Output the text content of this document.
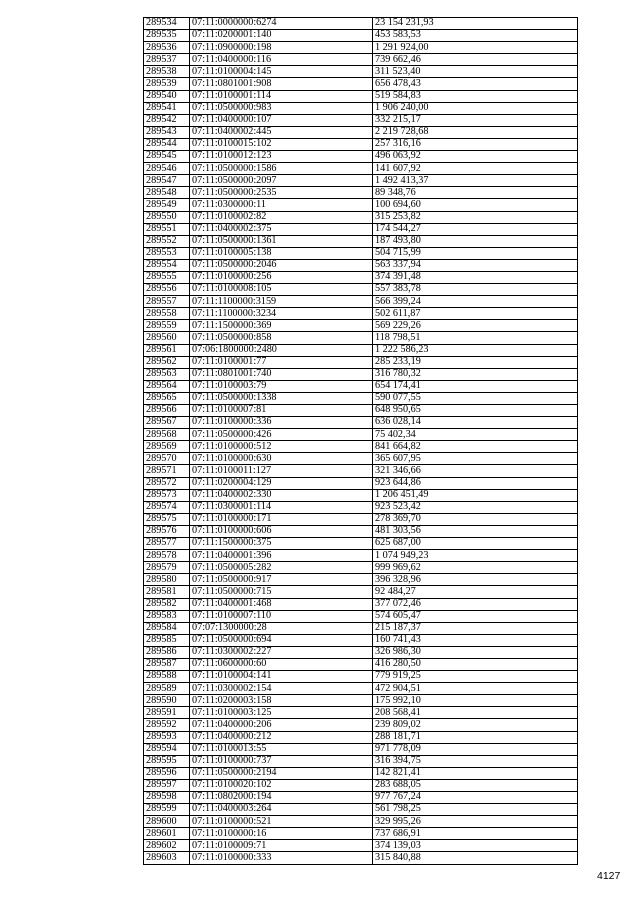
289534	07:11:0000000:6274	23 154 231,93
289535	07:11:0200001:140	453 583,53
289536	07:11:0900000:198	1 291 924,00
289537	07:11:0400000:116	739 662,46
289538	07:11:0100004:145	311 523,40
289539	07:11:0801001:908	656 478,43
289540	07:11:0100001:114	519 584,83
289541	07:11:0500000:983	1 906 240,00
289542	07:11:0400000:107	332 215,17
289543	07:11:0400002:445	2 219 728,68
289544	07:11:0100015:102	257 316,16
289545	07:11:0100012:123	496 063,92
289546	07:11:0500000:1586	141 607,92
289547	07:11:0500000:2097	1 492 413,37
289548	07:11:0500000:2535	89 348,76
289549	07:11:0300000:11	100 694,60
289550	07:11:0100002:82	315 253,82
289551	07:11:0400002:375	174 544,27
289552	07:11:0500000:1361	187 493,80
289553	07:11:0100005:138	504 715,99
289554	07:11:0500000:2046	563 337,94
289555	07:11:0100000:256	374 391,48
289556	07:11:0100008:105	557 383,78
289557	07:11:1100000:3159	566 399,24
289558	07:11:1100000:3234	502 611,87
289559	07:11:1500000:369	569 229,26
289560	07:11:0500000:858	118 798,51
289561	07:06:1800000:2480	1 222 586,23
289562	07:11:0100001:77	285 233,19
289563	07:11:0801001:740	316 780,32
289564	07:11:0100003:79	654 174,41
289565	07:11:0500000:1338	590 077,55
289566	07:11:0100007:81	648 950,65
289567	07:11:0100000:336	636 028,14
289568	07:11:0500000:426	75 402,34
289569	07:11:0100000:512	841 664,82
289570	07:11:0100000:630	365 607,95
289571	07:11:0100011:127	321 346,66
289572	07:11:0200004:129	923 644,86
289573	07:11:0400002:330	1 206 451,49
289574	07:11:0300001:114	923 523,42
289575	07:11:0100000:171	278 369,70
289576	07:11:0100000:606	481 303,56
289577	07:11:1500000:375	625 687,00
289578	07:11:0400001:396	1 074 949,23
289579	07:11:0500005:282	999 969,62
289580	07:11:0500000:917	396 328,96
289581	07:11:0500000:715	92 484,27
289582	07:11:0400001:468	377 072,46
289583	07:11:0100007:110	574 605,47
289584	07:07:1300000:28	215 187,37
289585	07:11:0500000:694	160 741,43
289586	07:11:0300002:227	326 986,30
289587	07:11:0600000:60	416 280,50
289588	07:11:0100004:141	779 919,25
289589	07:11:0300002:154	472 904,51
289590	07:11:0200003:158	175 992,10
289591	07:11:0100003:125	208 568,41
289592	07:11:0400000:206	239 809,02
289593	07:11:0400000:212	288 181,71
289594	07:11:0100013:55	971 778,09
289595	07:11:0100000:737	316 394,75
289596	07:11:0500000:2194	142 821,41
289597	07:11:0100020:102	283 688,05
289598	07:11:0802000:194	977 767,24
289599	07:11:0400003:264	561 798,25
289600	07:11:0100000:521	329 995,26
289601	07:11:0100000:16	737 686,91
289602	07:11:0100009:71	374 139,03
289603	07:11:0100000:333	315 840,88
4127
